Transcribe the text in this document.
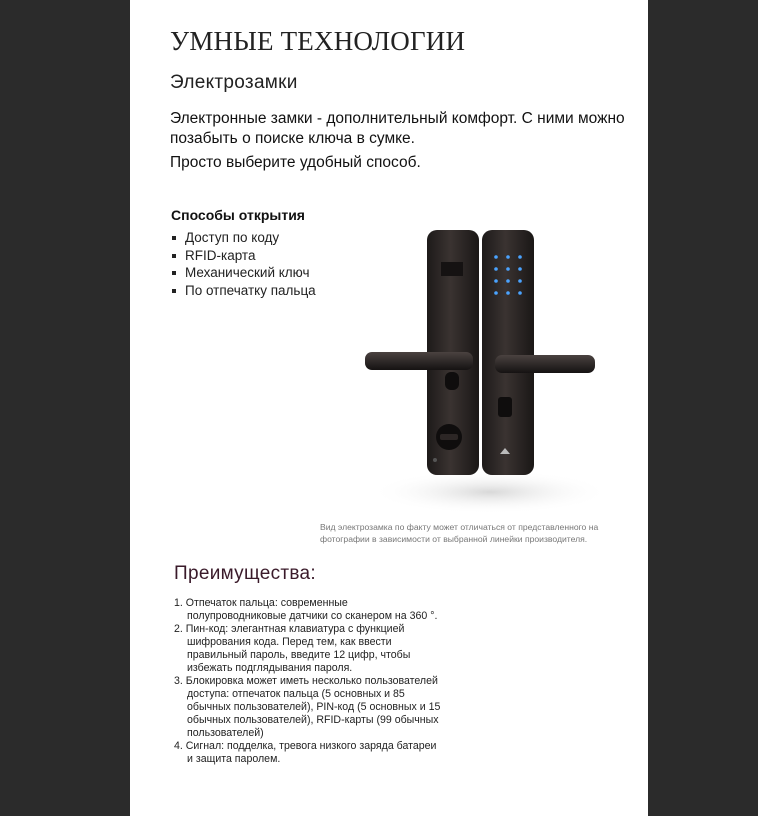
УМНЫЕ ТЕХНОЛОГИИ
Электрозамки
Электронные замки - дополнительный комфорт. С ними можно позабыть о поиске ключа в сумке.
Просто выберите удобный способ.
Способы открытия
Доступ по коду
RFID-карта
Механический ключ
По отпечатку пальца
Вид электрозамка по факту может отличаться от представленного на фотографии в зависимости от выбранной линейки производителя.
Преимущества:
1. Отпечаток пальца: современные полупроводниковые датчики со сканером на 360 °.
2. Пин-код: элегантная клавиатура с функцией шифрования кода. Перед тем, как ввести правильный пароль, введите 12 цифр, чтобы избежать подглядывания пароля.
3. Блокировка может иметь несколько пользователей доступа: отпечаток пальца (5 основных и 85 обычных пользователей), PIN-код (5 основных и 15 обычных пользователей), RFID-карты (99 обычных пользователей)
4. Сигнал: подделка, тревога низкого заряда батареи и защита паролем.
